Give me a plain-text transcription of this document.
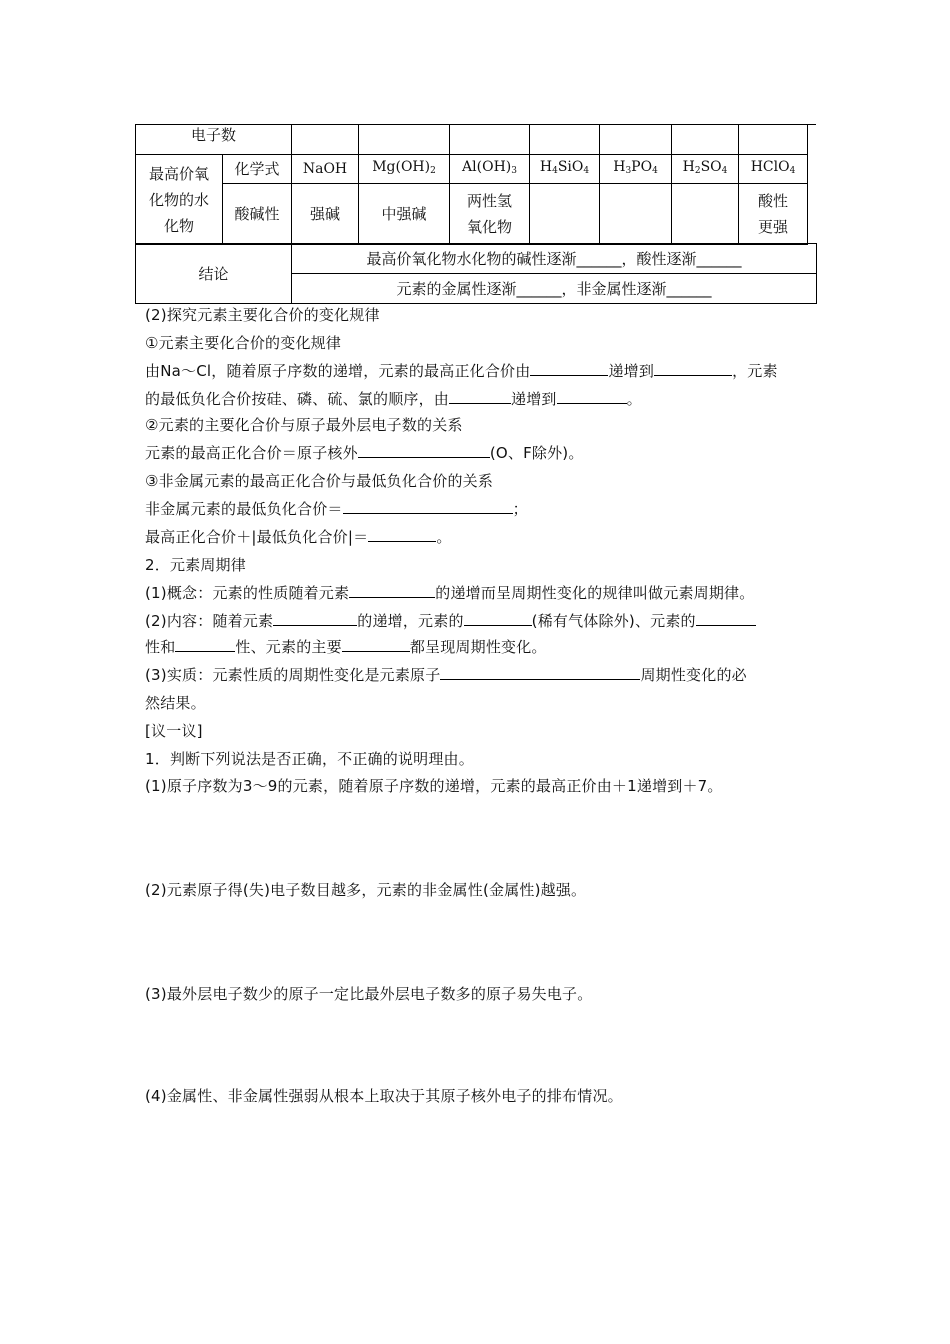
电子数								
最高价氧化物的水化物	化学式	NaOH	$Mg(OH)_2$	$Al(OH)_3$	$H_4SiO_4$	$H_3PO_4$	$H_2SO_4$	HClO$_4$
	酸碱性	强碱	中强碱	两性氢氧化物				酸性更强
结论	最高价氧化物水化物的碱性逐渐______，酸性逐渐______
元素的金属性逐渐______，非金属性逐渐______
(2)探究元素主要化合价的变化规律
①元素主要化合价的变化规律
由Na～Cl，随着原子序数的递增，元素的最高正化合价由	递增到	，元素
的最低负化合价按硅、磷、硫、氯的顺序，由	递增到	。
②元素的主要化合价与原子最外层电子数的关系
元素的最高正化合价＝原子核外	(O、F除外)。
③非金属元素的最高正化合价与最低负化合价的关系
非金属元素的最低负化合价＝	；
最高正化合价＋|最低负化合价|＝	。
2．元素周期律
(1)概念：元素的性质随着元素	的递增而呈周期性变化的规律叫做元素周期律。
(2)内容：随着元素	的递增，元素的	(稀有气体除外)、元素的
性和	性、元素的主要	都呈现周期性变化。
(3)实质：元素性质的周期性变化是元素原子	周期性变化的必
然结果。
[议一议]
1．判断下列说法是否正确，不正确的说明理由。
(1)原子序数为3～9的元素，随着原子序数的递增，元素的最高正价由＋1递增到＋7。
(2)元素原子得(失)电子数目越多，元素的非金属性(金属性)越强。
(3)最外层电子数少的原子一定比最外层电子数多的原子易失电子。
(4)金属性、非金属性强弱从根本上取决于其原子核外电子的排布情况。
